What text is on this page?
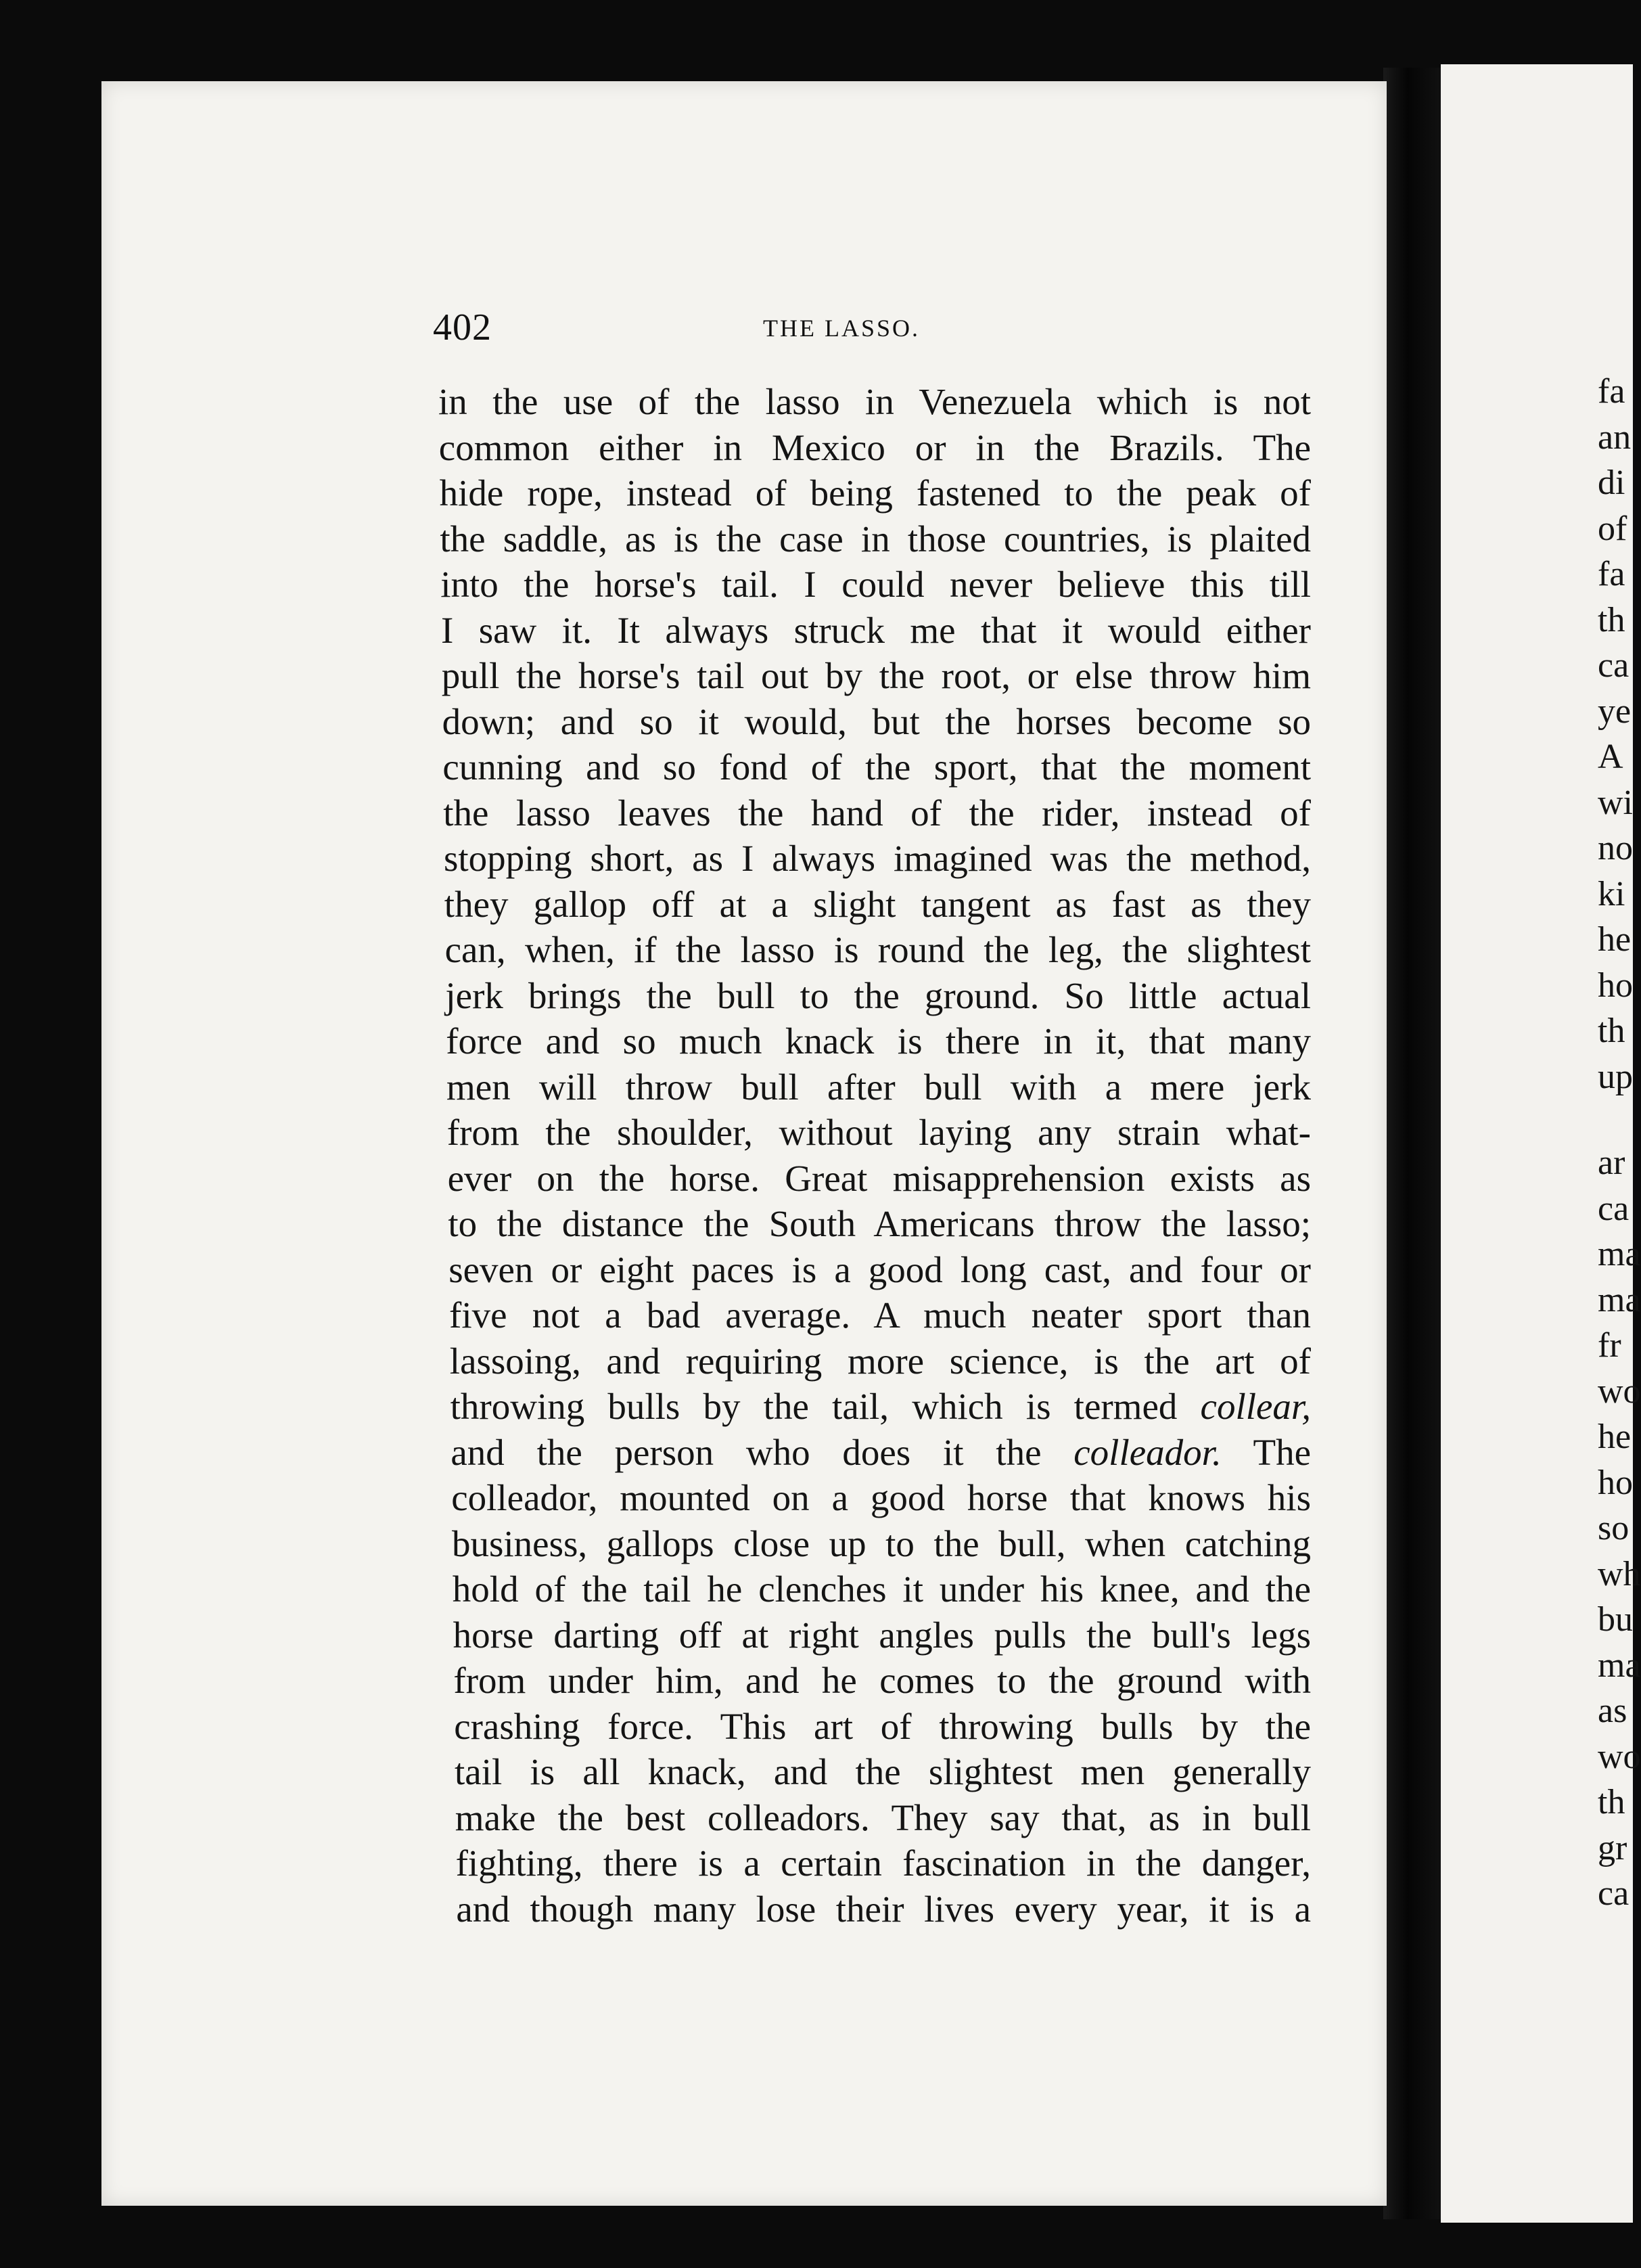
402	THE LASSO.
in the use of the lasso in Venezuela which is not
common either in Mexico or in the Brazils. The
hide rope, instead of being fastened to the peak of
the saddle, as is the case in those countries, is plaited
into the horse's tail. I could never believe this till
I saw it. It always struck me that it would either
pull the horse's tail out by the root, or else throw him
down; and so it would, but the horses become so
cunning and so fond of the sport, that the moment
the lasso leaves the hand of the rider, instead of
stopping short, as I always imagined was the method,
they gallop off at a slight tangent as fast as they
can, when, if the lasso is round the leg, the slightest
jerk brings the bull to the ground. So little actual
force and so much knack is there in it, that many
men will throw bull after bull with a mere jerk
from the shoulder, without laying any strain what-
ever on the horse. Great misapprehension exists as
to the distance the South Americans throw the lasso;
seven or eight paces is a good long cast, and four or
five not a bad average. A much neater sport than
lassoing, and requiring more science, is the art of
throwing bulls by the tail, which is termed collear,
and the person who does it the colleador. The
colleador, mounted on a good horse that knows his
business, gallops close up to the bull, when catching
hold of the tail he clenches it under his knee, and the
horse darting off at right angles pulls the bull's legs
from under him, and he comes to the ground with
crashing force. This art of throwing bulls by the
tail is all knack, and the slightest men generally
make the best colleadors. They say that, as in bull
fighting, there is a certain fascination in the danger,
and though many lose their lives every year, it is a
fa
an
di
of
fa
th
ca
ye
A
wi
no
ki
he
ho
th
up
ar
ca
ma
ma
fr
wo
he
ho
so
wh
bu
ma
as
wo
th
gr
ca
